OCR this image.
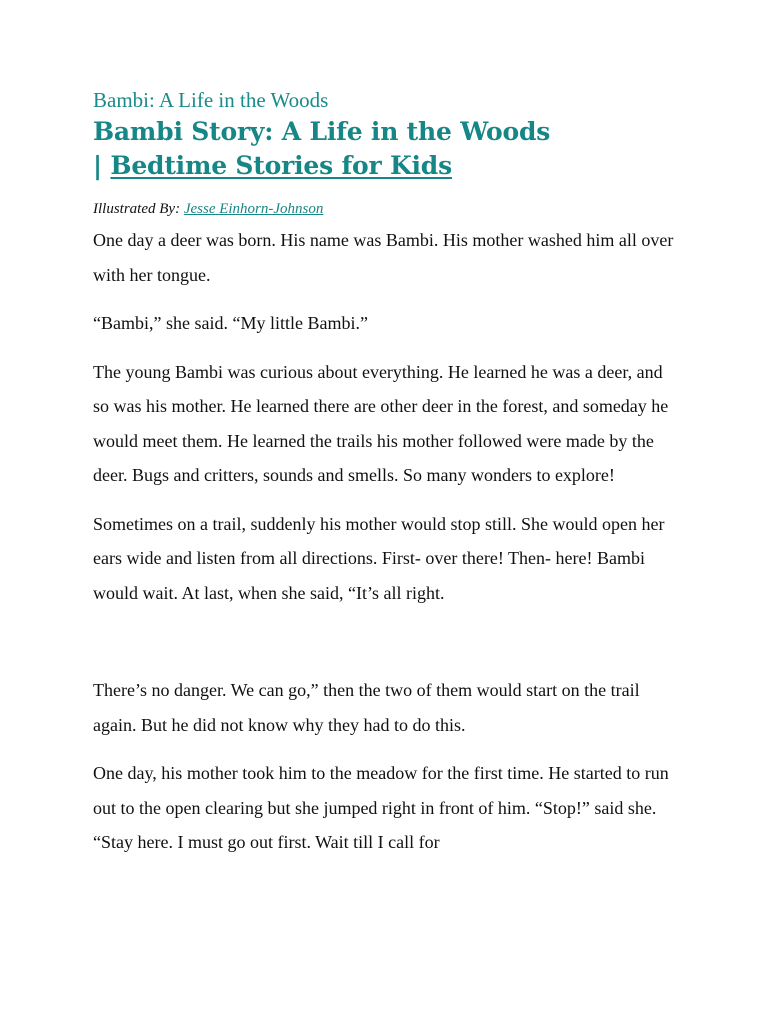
Bambi: A Life in the Woods

Bambi Story: A Life in the Woods
| Bedtime Stories for Kids

Illustrated By: Jesse Einhorn-Johnson

One day a deer was born. His name was Bambi. His mother washed him all over with her tongue.

“Bambi,” she said. “My little Bambi.”

The young Bambi was curious about everything. He learned he was a deer, and so was his mother. He learned there are other deer in the forest, and someday he would meet them. He learned the trails his mother followed were made by the deer. Bugs and critters, sounds and smells. So many wonders to explore!

Sometimes on a trail, suddenly his mother would stop still. She would open her ears wide and listen from all directions. First- over there! Then- here! Bambi would wait. At last, when she said, “It’s all right.

There’s no danger. We can go,” then the two of them would start on the trail again. But he did not know why they had to do this.

One day, his mother took him to the meadow for the first time. He started to run out to the open clearing but she jumped right in front of him. “Stop!” said she. “Stay here. I must go out first. Wait till I call for
